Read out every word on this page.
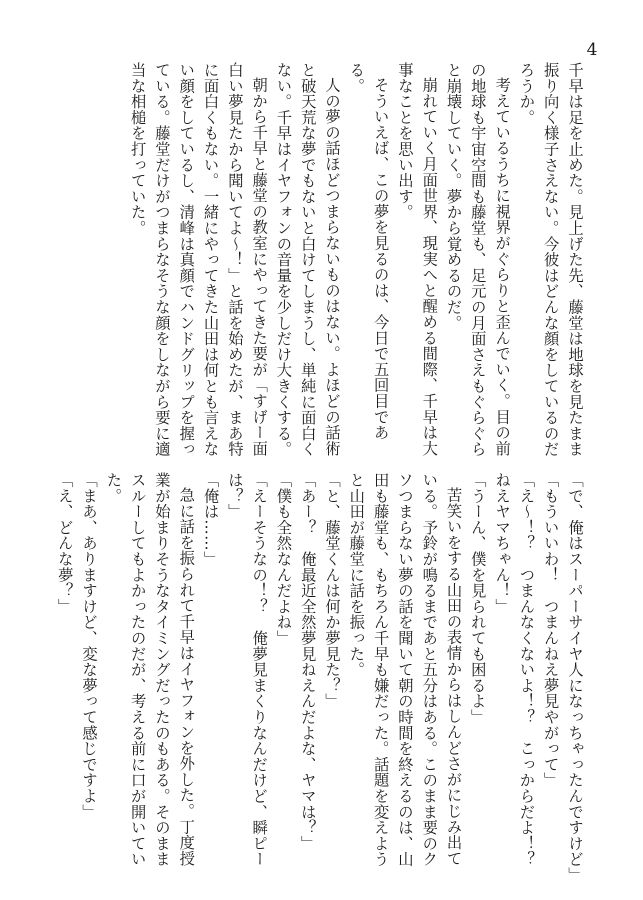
4

千早は足を止めた。見上げた先、藤堂は地球を見たまま振り向く様子さえない。今彼はどんな顔をしているのだろうか。

考えているうちに視界がぐらりと歪んでいく。目の前の地球も宇宙空間も藤堂も、足元の月面さえもぐらぐらと崩壊していく。夢から覚めるのだ。

崩れていく月面世界、現実へと醒める間際、千早は大事なことを思い出す。

そういえば、この夢を見るのは、今日で五回目である。

人の夢の話ほどつまらないものはない。よほどの話術と破天荒な夢でもないと白けてしまうし、単純に面白くない。千早はイヤフォンの音量を少しだけ大きくする。

朝から千早と藤堂の教室にやってきた要が「すげー面白い夢見たから聞いてよ～！」と話を始めたが、まあ特に面白くもない。一緒にやってきた山田は何とも言えない顔をしているし、清峰は真顔でハンドグリップを握っている。藤堂だけがつまらなそうな顔をしながら要に適当な相槌を打っていた。

「で、俺はスーパーサイヤ人になっちゃったんですけど」

「もういいわ！　つまんねえ夢見やがって」

「え～！？　つまんなくないよ！？　こっからだよ！？　ねえヤマちゃん！」

「うーん、僕を見られても困るよ」

苦笑いをする山田の表情からはしんどさがにじみ出ている。予鈴が鳴るまであと五分はある。このまま要のクソつまらない夢の話を聞いて朝の時間を終えるのは、山田も藤堂も、もちろん千早も嫌だった。話題を変えようと山田が藤堂に話を振った。

「と、藤堂くんは何か夢見た？」

「あー？　俺最近全然夢見ねえんだよな、ヤマは？」

「僕も全然なんだよね」

「えーそうなの！？　俺夢見まくりなんだけど、瞬ピーは？」

「俺は……」

急に話を振られて千早はイヤフォンを外した。丁度授業が始まりそうなタイミングだったのもある。そのままスルーしてもよかったのだが、考える前に口が開いていた。

「まあ、ありますけど、変な夢って感じですよ」

「え、どんな夢？」
